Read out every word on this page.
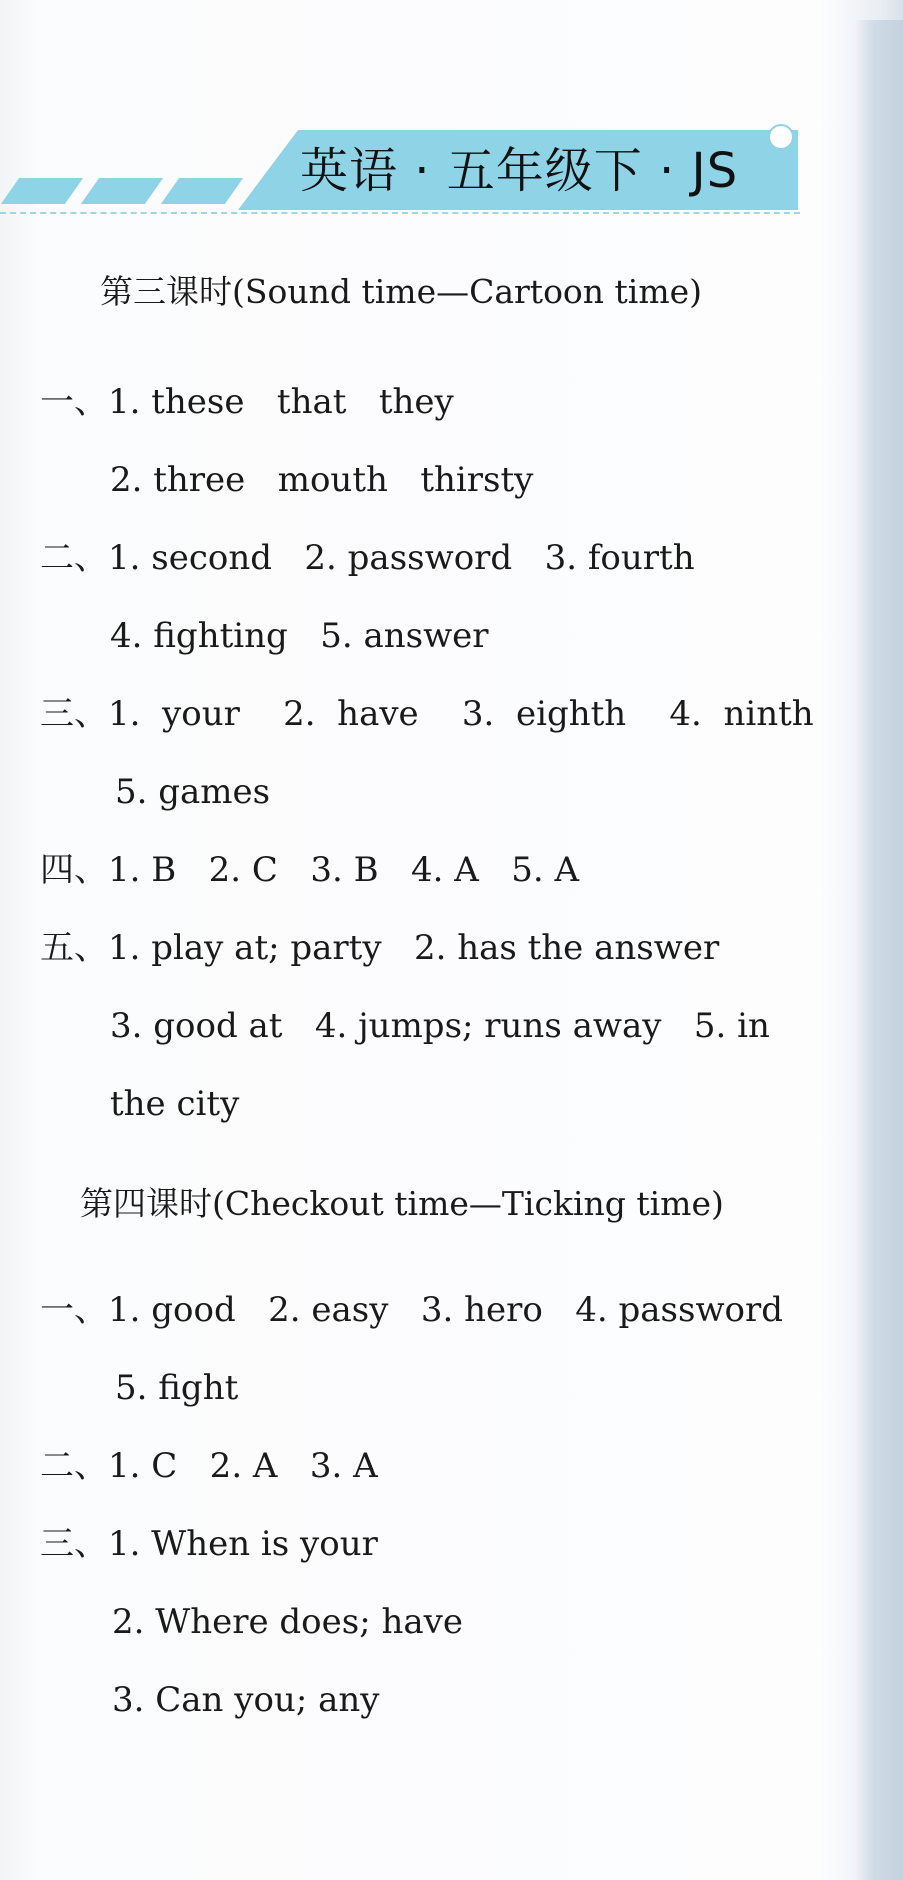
英语 · 五年级下 · JS
第三课时(Sound time—Cartoon time)
一、1. these   that   they
2. three   mouth   thirsty
二、1. second   2. password   3. fourth
4. fighting   5. answer
三、1.  your    2.  have    3.  eighth    4.  ninth
5. games
四、1. B   2. C   3. B   4. A   5. A
五、1. play at; party   2. has the answer
3. good at   4. jumps; runs away   5. in
the city
第四课时(Checkout time—Ticking time)
一、1. good   2. easy   3. hero   4. password
5. fight
二、1. C   2. A   3. A
三、1. When is your
2. Where does; have
3. Can you; any
